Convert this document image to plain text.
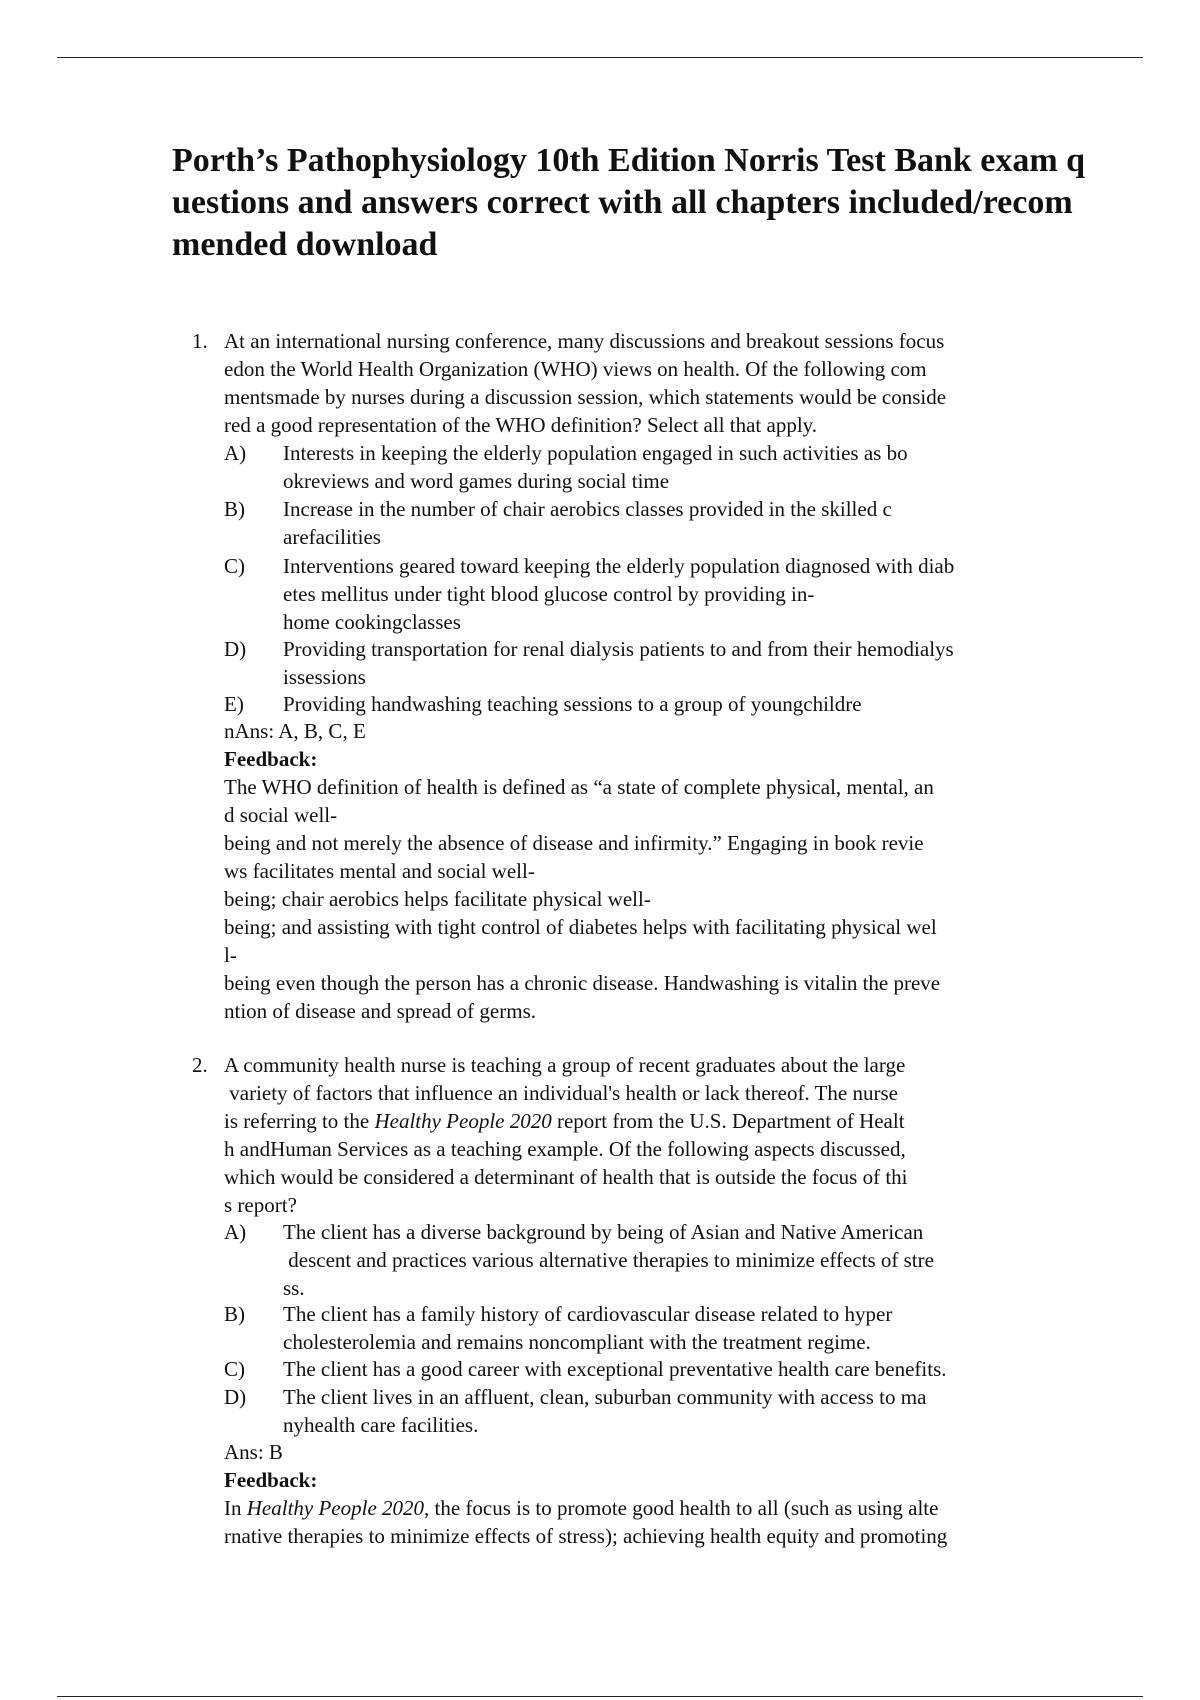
Porth’s Pathophysiology 10th Edition Norris Test Bank exam q
uestions and answers correct with all chapters included/recom
mended download
1. At an international nursing conference, many discussions and breakout sessions focus
edon the World Health Organization (WHO) views on health. Of the following com
mentsmade by nurses during a discussion session, which statements would be conside
red a good representation of the WHO definition? Select all that apply.
A) Interests in keeping the elderly population engaged in such activities as bo
okreviews and word games during social time
B) Increase in the number of chair aerobics classes provided in the skilled c
arefacilities
C) Interventions geared toward keeping the elderly population diagnosed with diab
etes mellitus under tight blood glucose control by providing in-
home cookingclasses
D) Providing transportation for renal dialysis patients to and from their hemodialys
issessions
E) Providing handwashing teaching sessions to a group of youngchildre
nAns: A, B, C, E
Feedback:
The WHO definition of health is defined as “a state of complete physical, mental, an
d social well-
being and not merely the absence of disease and infirmity.” Engaging in book revie
ws facilitates mental and social well-
being; chair aerobics helps facilitate physical well-
being; and assisting with tight control of diabetes helps with facilitating physical wel
l-
being even though the person has a chronic disease. Handwashing is vitalin the preve
ntion of disease and spread of germs.
2. A community health nurse is teaching a group of recent graduates about the large
variety of factors that influence an individual's health or lack thereof. The nurse
is referring to the Healthy People 2020 report from the U.S. Department of Healt
h andHuman Services as a teaching example. Of the following aspects discussed,
which would be considered a determinant of health that is outside the focus of thi
s report?
A) The client has a diverse background by being of Asian and Native American
descent and practices various alternative therapies to minimize effects of stre
ss.
B) The client has a family history of cardiovascular disease related to hyper
cholesterolemia and remains noncompliant with the treatment regime.
C) The client has a good career with exceptional preventative health care benefits.
D) The client lives in an affluent, clean, suburban community with access to ma
nyhealth care facilities.
Ans: B
Feedback:
In Healthy People 2020, the focus is to promote good health to all (such as using alte
rnative therapies to minimize effects of stress); achieving health equity and promoting
